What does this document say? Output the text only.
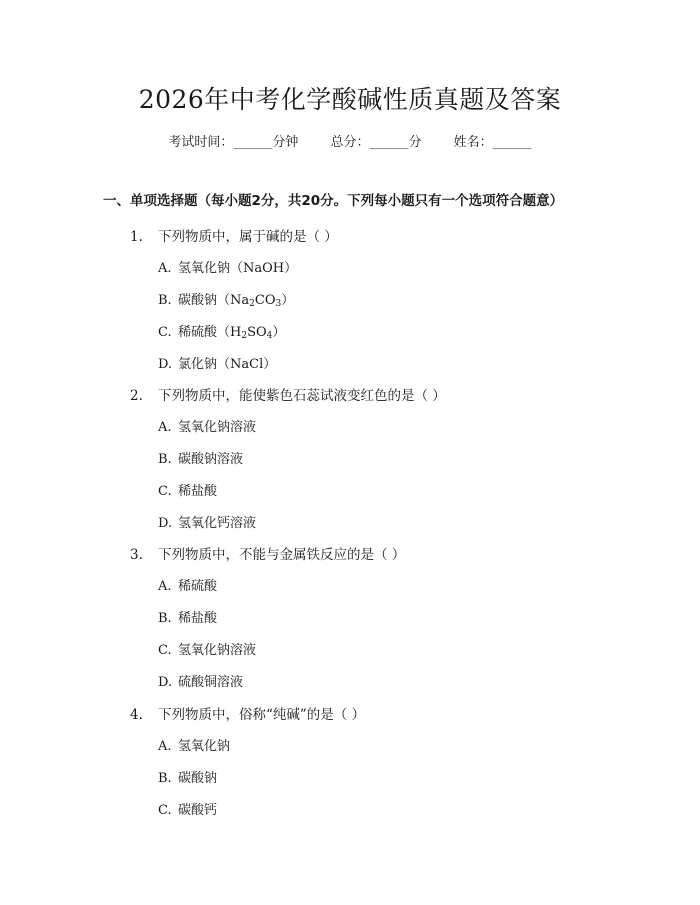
2026年中考化学酸碱性质真题及答案
考试时间：______分钟 总分：______分 姓名：______
一、单项选择题（每小题2分，共20分。下列每小题只有一个选项符合题意）
1. 下列物质中，属于碱的是（ ）
A. 氢氧化钠（NaOH）
B. 碳酸钠$(Na_2CO_3)$
C. 稀硫酸$(H_2SO_4)$
D. 氯化钠（NaCl）
2. 下列物质中，能使紫色石蕊试液变红色的是（ ）
A. 氢氧化钠溶液
B. 碳酸钠溶液
C. 稀盐酸
D. 氢氧化钙溶液
3. 下列物质中，不能与金属铁反应的是（ ）
A. 稀硫酸
B. 稀盐酸
C. 氢氧化钠溶液
D. 硫酸铜溶液
4. 下列物质中，俗称“纯碱”的是（ ）
A. 氢氧化钠
B. 碳酸钠
C. 碳酸钙
